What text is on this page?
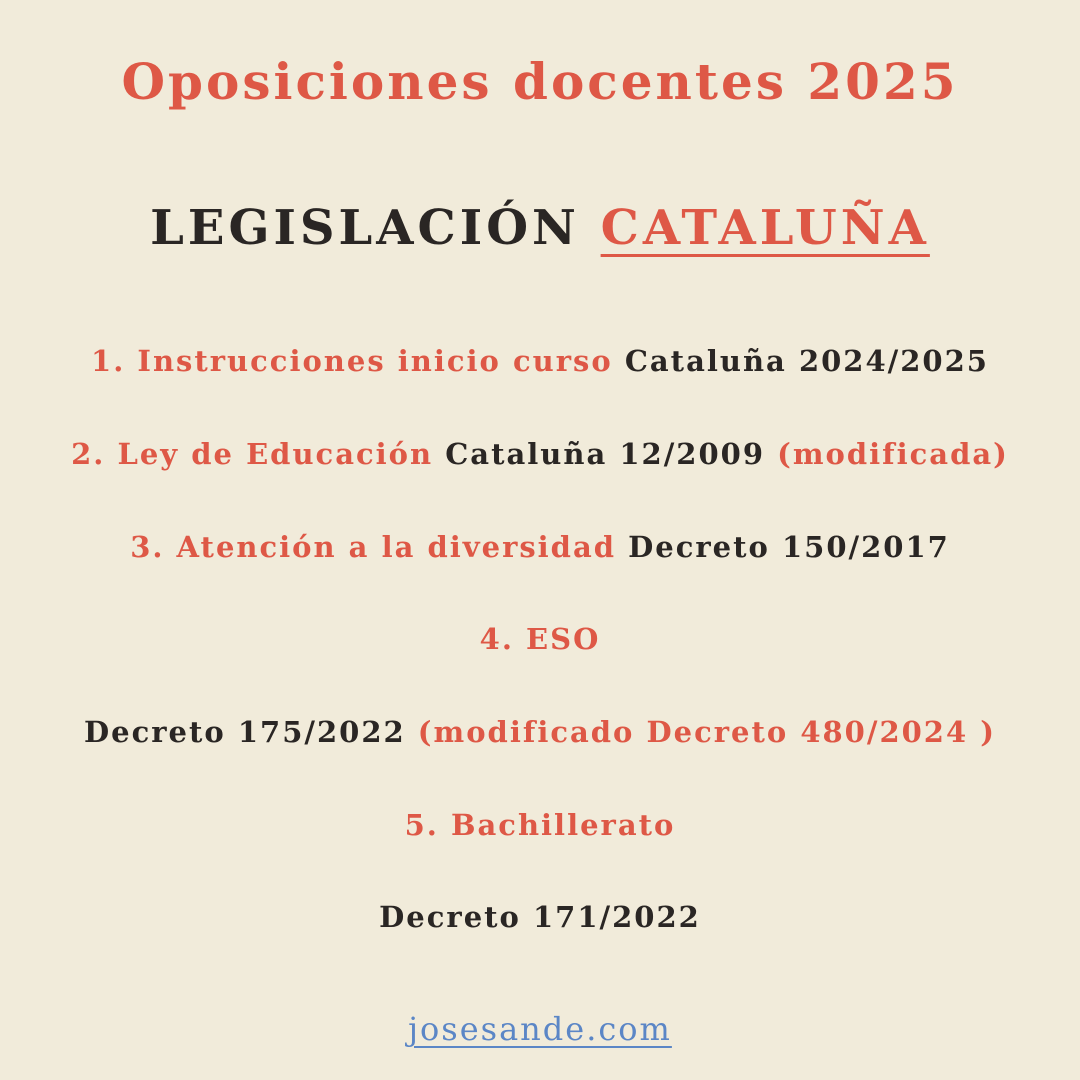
Oposiciones docentes 2025
LEGISLACIÓN CATALUÑA
1. Instrucciones inicio curso Cataluña 2024/2025
2. Ley de Educación Cataluña 12/2009 (modificada)
3. Atención a la diversidad Decreto 150/2017
4. ESO
Decreto 175/2022 (modificado Decreto 480/2024 )
5. Bachillerato
Decreto 171/2022
josesande.com
